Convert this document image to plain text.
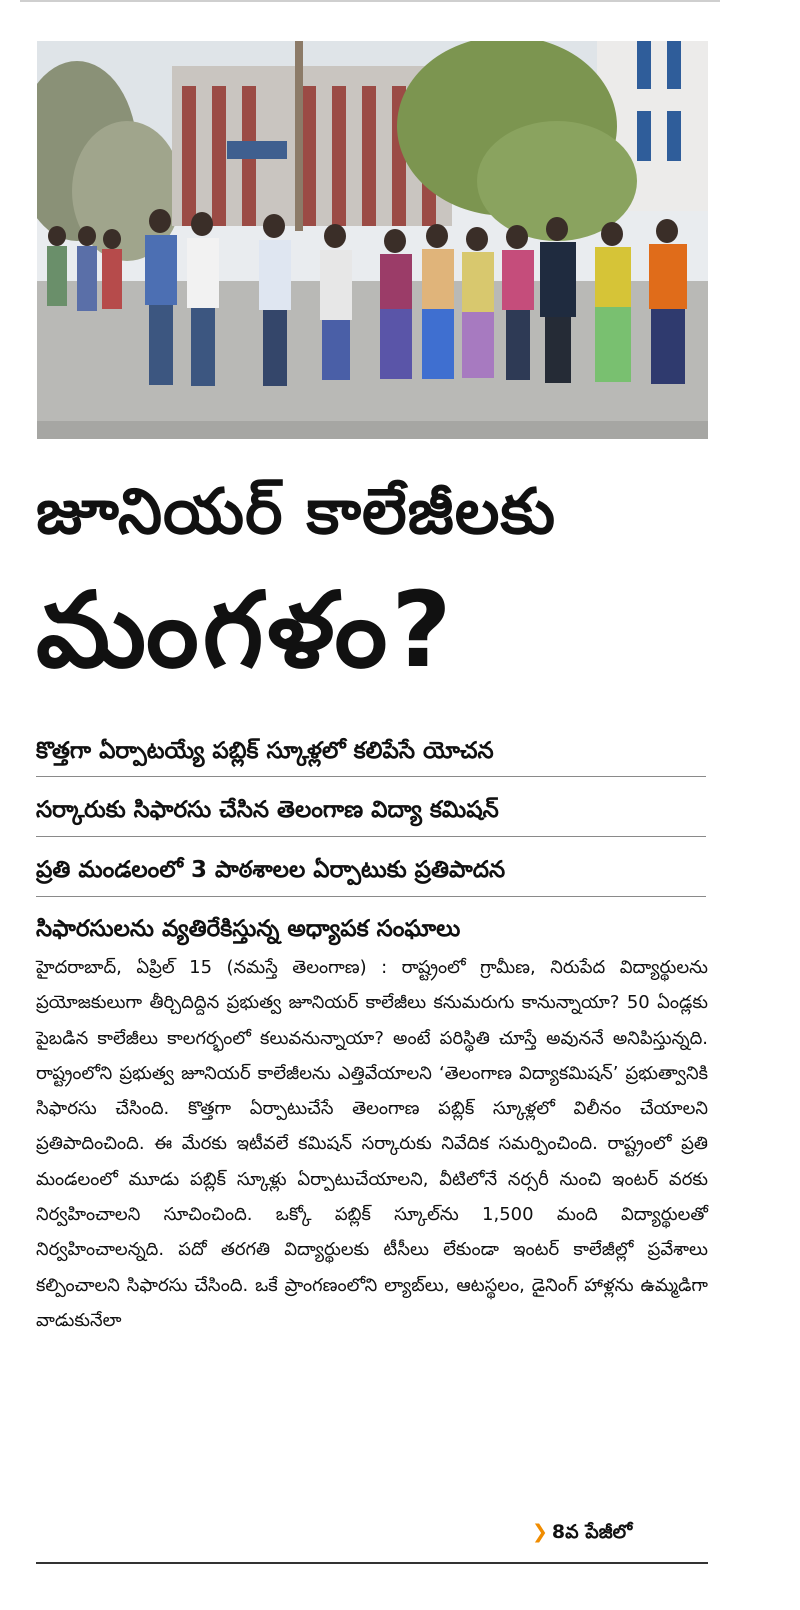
జూనియర్ కాలేజీలకు
మంగళం?
కొత్తగా ఏర్పాటయ్యే పబ్లిక్ స్కూళ్లలో కలిపేసే యోచన
సర్కారుకు సిఫారసు చేసిన తెలంగాణ విద్యా కమిషన్
ప్రతి మండలంలో 3 పాఠశాలల ఏర్పాటుకు ప్రతిపాదన
సిఫారసులను వ్యతిరేకిస్తున్న అధ్యాపక సంఘాలు

హైదరాబాద్, ఏప్రిల్ 15 (నమస్తే తెలంగాణ) : రాష్ట్రంలో గ్రామీణ, నిరుపేద విద్యార్థులను ప్రయోజకులుగా తీర్చిదిద్దిన ప్రభుత్వ జూనియర్ కాలేజీలు కనుమరుగు కానున్నాయా? 50 ఏండ్లకు పైబడిన కాలేజీలు కాలగర్భంలో కలువనున్నాయా? అంటే పరిస్థితి చూస్తే అవుననే అనిపిస్తున్నది. రాష్ట్రంలోని ప్రభుత్వ జూనియర్ కాలేజీలను ఎత్తివేయాలని ‘తెలంగాణ విద్యాకమిషన్’ ప్రభుత్వానికి సిఫారసు చేసింది. కొత్తగా ఏర్పాటుచేసే తెలంగాణ పబ్లిక్ స్కూళ్లలో విలీనం చేయాలని ప్రతిపాదించింది. ఈ మేరకు ఇటీవలే కమిషన్ సర్కారుకు నివేదిక సమర్పించింది. రాష్ట్రంలో ప్రతి మండలంలో మూడు పబ్లిక్ స్కూళ్లు ఏర్పాటుచేయాలని, వీటిలోనే నర్సరీ నుంచి ఇంటర్ వరకు నిర్వహించాలని సూచించింది. ఒక్కో పబ్లిక్ స్కూల్‌ను 1,500 మంది విద్యార్థులతో నిర్వహించాలన్నది. పదో తరగతి విద్యార్థులకు టీసీలు లేకుండా ఇంటర్ కాలేజీల్లో ప్రవేశాలు కల్పించాలని సిఫారసు చేసింది. ఒకే ప్రాంగణంలోని ల్యాబ్‌లు, ఆటస్థలం, డైనింగ్ హాళ్లను ఉమ్మడిగా వాడుకునేలా

❯ 8వ పేజీలో
